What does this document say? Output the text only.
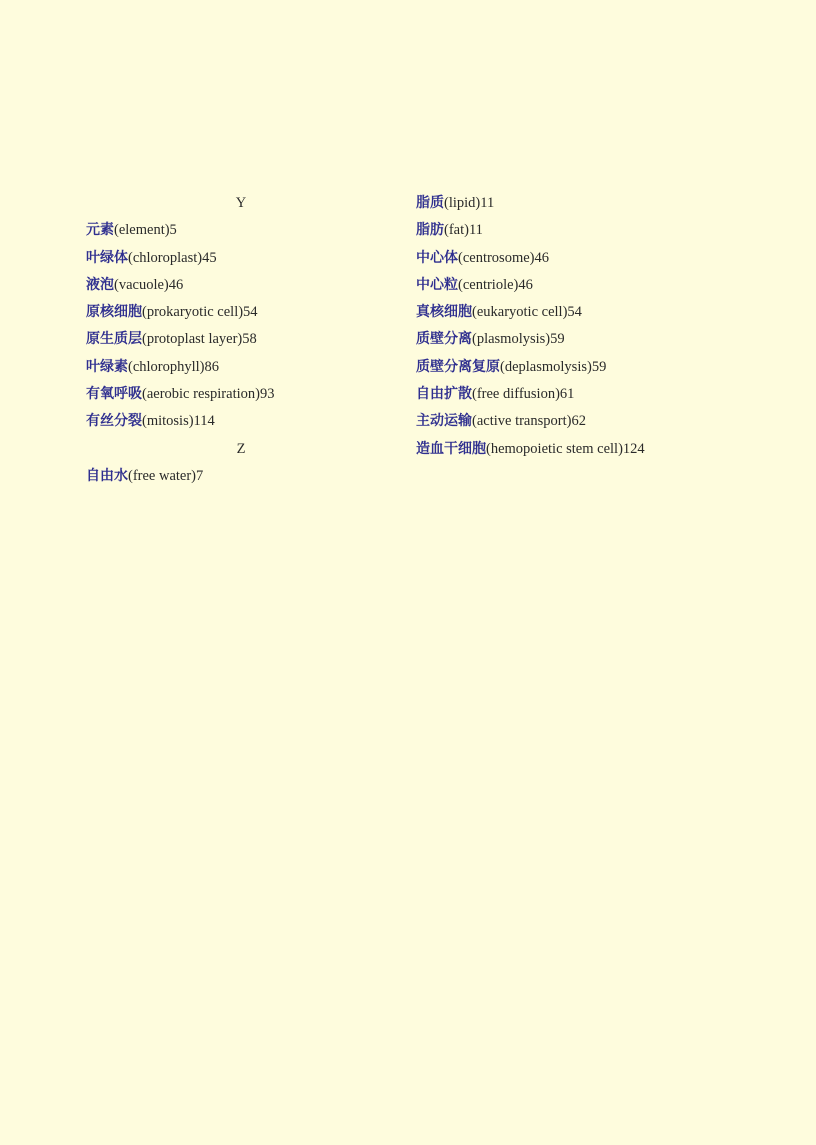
Y
元素(element)5
叶绿体(chloroplast)45
液泡(vacuole)46
原核细胞(prokaryotic cell)54
原生质层(protoplast layer)58
叶绿素(chlorophyll)86
有氧呼吸(aerobic respiration)93
有丝分裂(mitosis)114
Z
自由水(free water)7
脂质(lipid)11
脂肪(fat)11
中心体(centrosome)46
中心粒(centriole)46
真核细胞(eukaryotic cell)54
质壁分离(plasmolysis)59
质壁分离复原(deplasmolysis)59
自由扩散(free diffusion)61
主动运输(active transport)62
造血干细胞(hemopoietic stem cell)124
